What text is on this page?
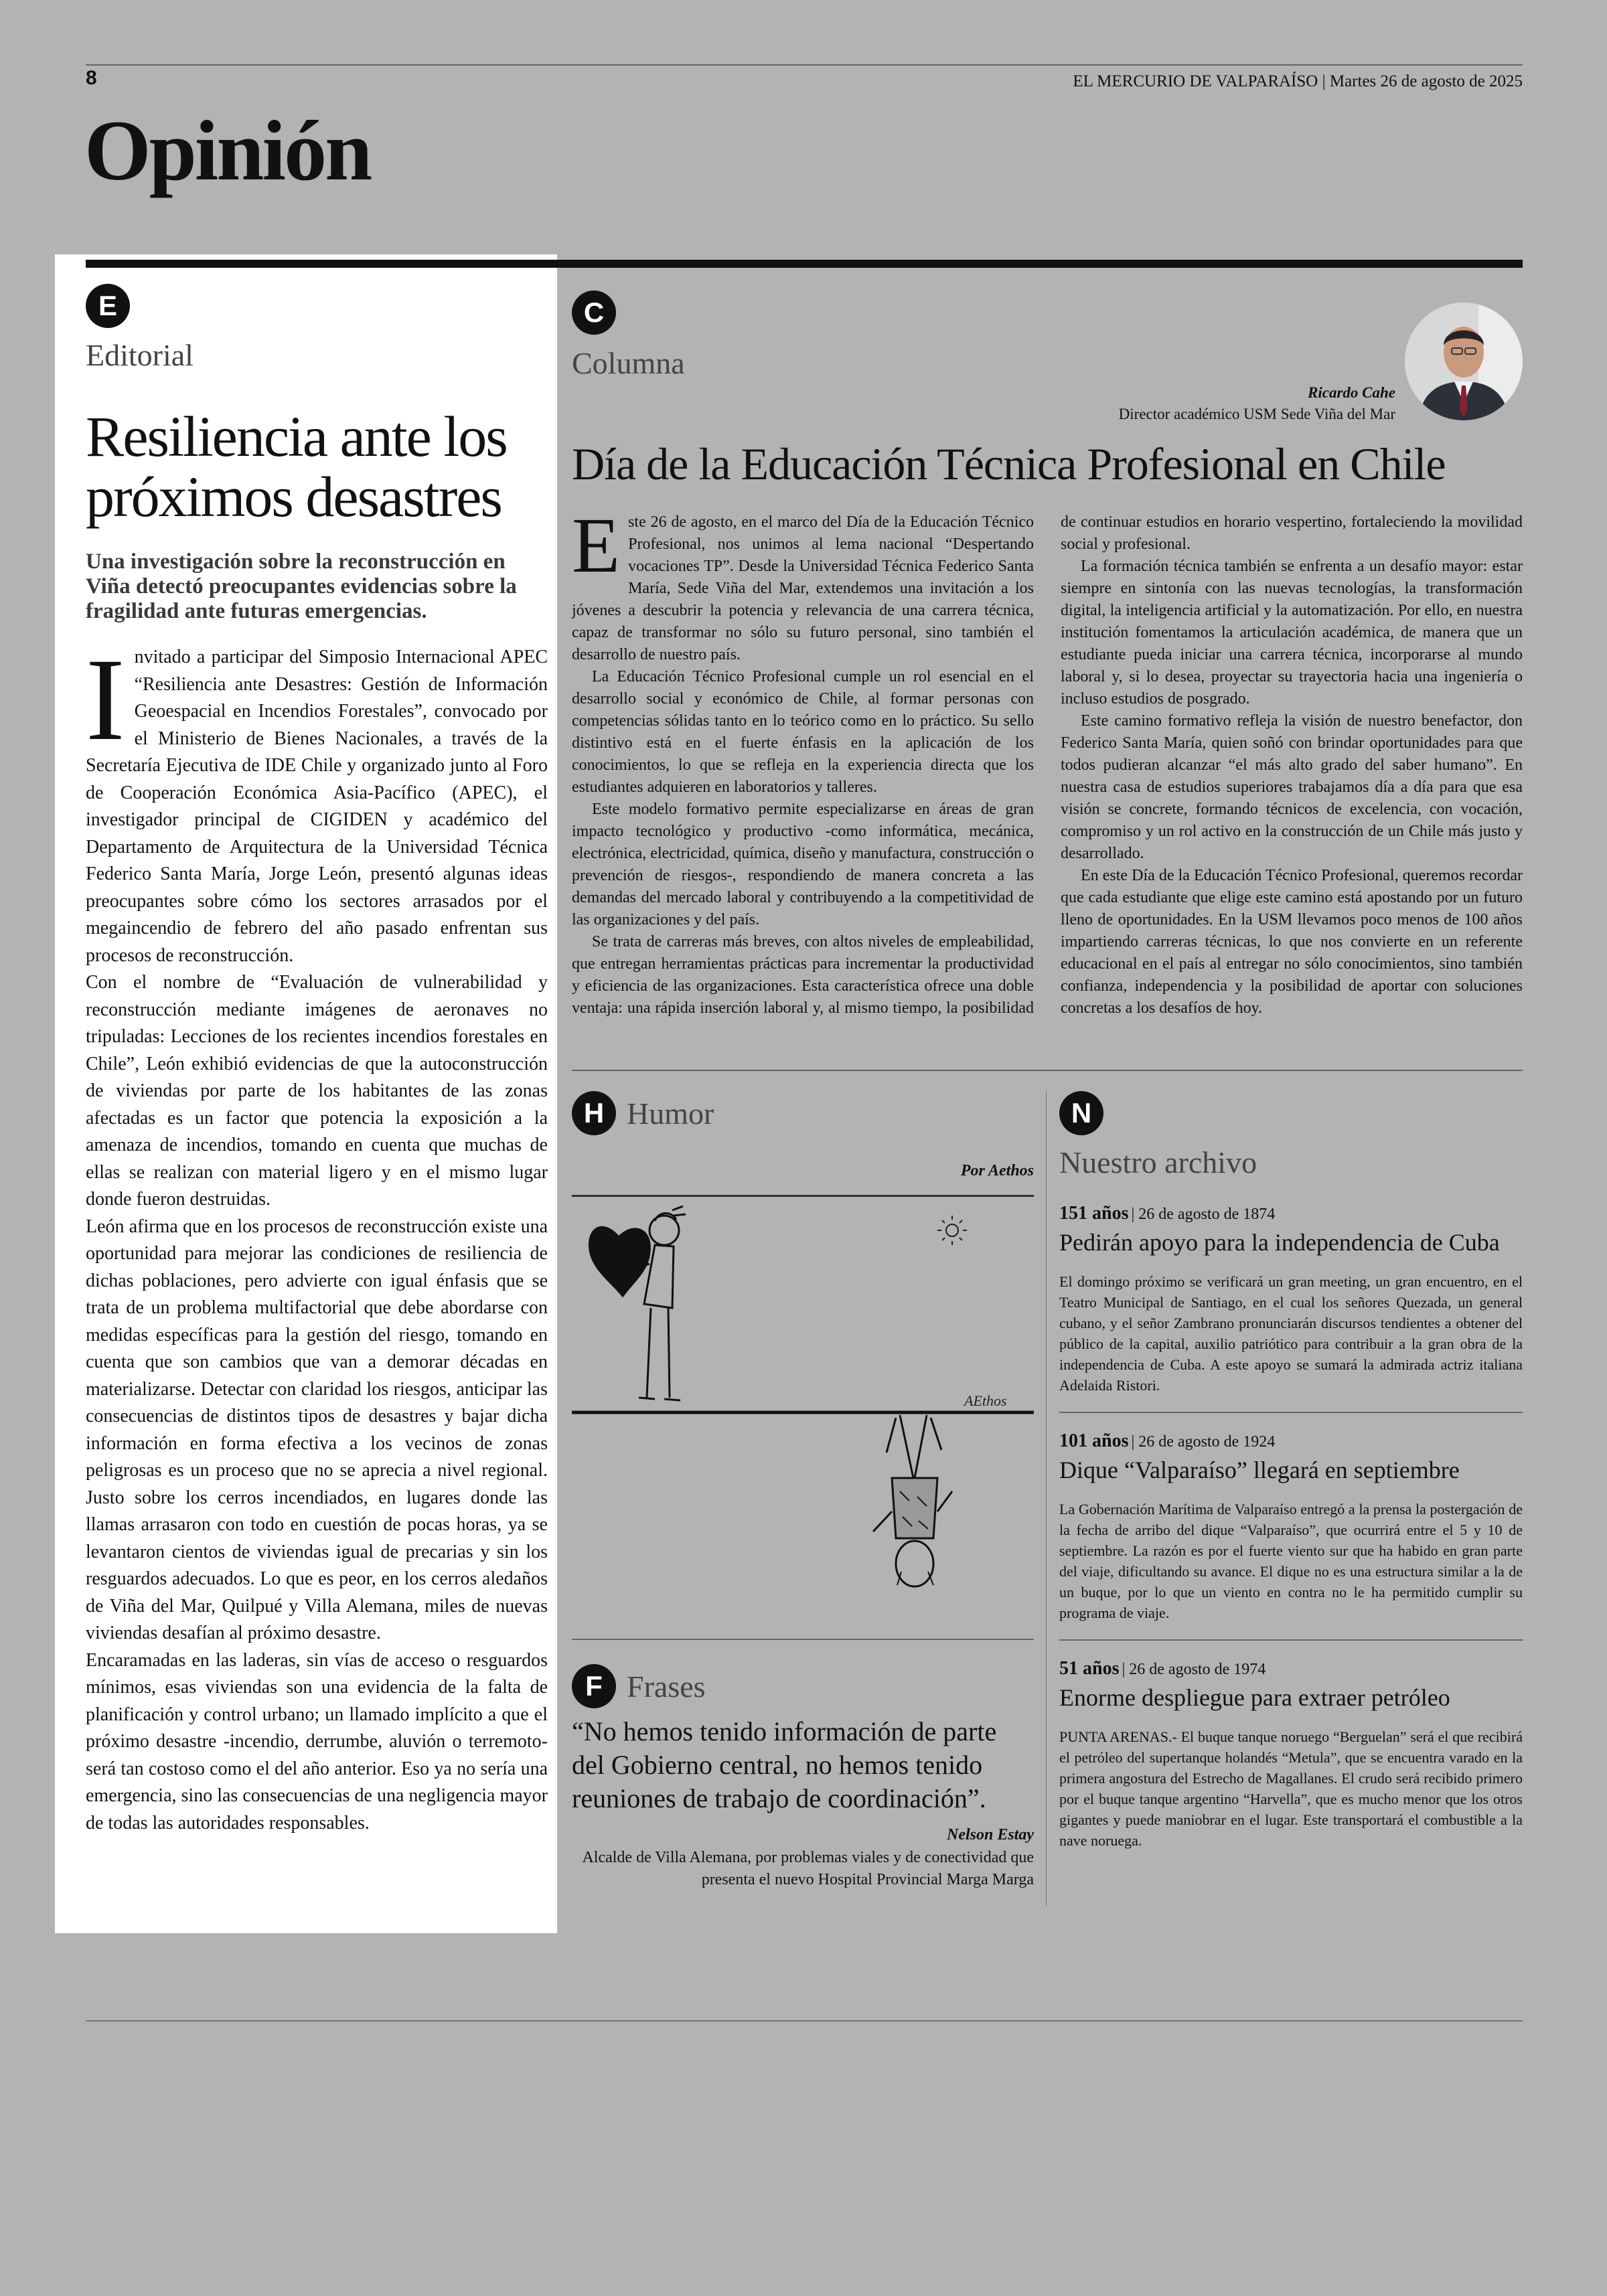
8	EL MERCURIO DE VALPARAÍSO | Martes 26 de agosto de 2025
Opinión
E
Editorial
Resiliencia ante los
próximos desastres
Una investigación sobre la reconstrucción en Viña detectó preocupantes evidencias sobre la fragilidad ante futuras emergencias.

Invitado a participar del Simposio Internacional APEC “Resiliencia ante Desastres: Gestión de Información Geoespacial en Incendios Forestales”, convocado por el Ministerio de Bienes Nacionales, a través de la Secretaría Ejecutiva de IDE Chile y organizado junto al Foro de Cooperación Económica Asia-Pacífico (APEC), el investigador principal de CIGIDEN y académico del Departamento de Arquitectura de la Universidad Técnica Federico Santa María, Jorge León, presentó algunas ideas preocupantes sobre cómo los sectores arrasados por el megaincendio de febrero del año pasado enfrentan sus procesos de reconstrucción.

Con el nombre de “Evaluación de vulnerabilidad y reconstrucción mediante imágenes de aeronaves no tripuladas: Lecciones de los recientes incendios forestales en Chile”, León exhibió evidencias de que la autoconstrucción de viviendas por parte de los habitantes de las zonas afectadas es un factor que potencia la exposición a la amenaza de incendios, tomando en cuenta que muchas de ellas se realizan con material ligero y en el mismo lugar donde fueron destruidas.

León afirma que en los procesos de reconstrucción existe una oportunidad para mejorar las condiciones de resiliencia de dichas poblaciones, pero advierte con igual énfasis que se trata de un problema multifactorial que debe abordarse con medidas específicas para la gestión del riesgo, tomando en cuenta que son cambios que van a demorar décadas en materializarse. Detectar con claridad los riesgos, anticipar las consecuencias de distintos tipos de desastres y bajar dicha información en forma efectiva a los vecinos de zonas peligrosas es un proceso que no se aprecia a nivel regional. Justo sobre los cerros incendiados, en lugares donde las llamas arrasaron con todo en cuestión de pocas horas, ya se levantaron cientos de viviendas igual de precarias y sin los resguardos adecuados. Lo que es peor, en los cerros aledaños de Viña del Mar, Quilpué y Villa Alemana, miles de nuevas viviendas desafían al próximo desastre.

Encaramadas en las laderas, sin vías de acceso o resguardos mínimos, esas viviendas son una evidencia de la falta de planificación y control urbano; un llamado implícito a que el próximo desastre -incendio, derrumbe, aluvión o terremoto- será tan costoso como el del año anterior. Eso ya no sería una emergencia, sino las consecuencias de una negligencia mayor de todas las autoridades responsables.

C
Columna
Ricardo Cahe
Director académico USM Sede Viña del Mar
Día de la Educación Técnica Profesional en Chile

Este 26 de agosto, en el marco del Día de la Educación Técnico Profesional, nos unimos al lema nacional “Despertando vocaciones TP”. Desde la Universidad Técnica Federico Santa María, Sede Viña del Mar, extendemos una invitación a los jóvenes a descubrir la potencia y relevancia de una carrera técnica, capaz de transformar no sólo su futuro personal, sino también el desarrollo de nuestro país.

La Educación Técnico Profesional cumple un rol esencial en el desarrollo social y económico de Chile, al formar personas con competencias sólidas tanto en lo teórico como en lo práctico. Su sello distintivo está en el fuerte énfasis en la aplicación de los conocimientos, lo que se refleja en la experiencia directa que los estudiantes adquieren en laboratorios y talleres.

Este modelo formativo permite especializarse en áreas de gran impacto tecnológico y productivo -como informática, mecánica, electrónica, electricidad, química, diseño y manufactura, construcción o prevención de riesgos-, respondiendo de manera concreta a las demandas del mercado laboral y contribuyendo a la competitividad de las organizaciones y del país.

Se trata de carreras más breves, con altos niveles de empleabilidad, que entregan herramientas prácticas para incrementar la productividad y eficiencia de las organizaciones. Esta característica ofrece una doble ventaja: una rápida inserción laboral y, al mismo tiempo, la posibilidad de continuar estudios en horario vespertino, fortaleciendo la movilidad social y profesional.

La formación técnica también se enfrenta a un desafío mayor: estar siempre en sintonía con las nuevas tecnologías, la transformación digital, la inteligencia artificial y la automatización. Por ello, en nuestra institución fomentamos la articulación académica, de manera que un estudiante pueda iniciar una carrera técnica, incorporarse al mundo laboral y, si lo desea, proyectar su trayectoria hacia una ingeniería o incluso estudios de posgrado.

Este camino formativo refleja la visión de nuestro benefactor, don Federico Santa María, quien soñó con brindar oportunidades para que todos pudieran alcanzar “el más alto grado del saber humano”. En nuestra casa de estudios superiores trabajamos día a día para que esa visión se concrete, formando técnicos de excelencia, con vocación, compromiso y un rol activo en la construcción de un Chile más justo y desarrollado.

En este Día de la Educación Técnico Profesional, queremos recordar que cada estudiante que elige este camino está apostando por un futuro lleno de oportunidades. En la USM llevamos poco menos de 100 años impartiendo carreras técnicas, lo que nos convierte en un referente educacional en el país al entregar no sólo conocimientos, sino también confianza, independencia y la posibilidad de aportar con soluciones concretas a los desafíos de hoy.

H Humor
Por Aethos
AEthos
F Frases
“No hemos tenido información de parte del Gobierno central, no hemos tenido reuniones de trabajo de coordinación”.
Nelson Estay
Alcalde de Villa Alemana, por problemas viales y de conectividad que presenta el nuevo Hospital Provincial Marga Marga
N
Nuestro archivo
151 años | 26 de agosto de 1874
Pedirán apoyo para la independencia de Cuba
El domingo próximo se verificará un gran meeting, un gran encuentro, en el Teatro Municipal de Santiago, en el cual los señores Quezada, un general cubano, y el señor Zambrano pronunciarán discursos tendientes a obtener del público de la capital, auxilio patriótico para contribuir a la gran obra de la independencia de Cuba. A este apoyo se sumará la admirada actriz italiana Adelaida Ristori.
101 años | 26 de agosto de 1924
Dique “Valparaíso” llegará en septiembre
La Gobernación Marítima de Valparaíso entregó a la prensa la postergación de la fecha de arribo del dique “Valparaíso”, que ocurrirá entre el 5 y 10 de septiembre. La razón es por el fuerte viento sur que ha habido en gran parte del viaje, dificultando su avance. El dique no es una estructura similar a la de un buque, por lo que un viento en contra no le ha permitido cumplir su programa de viaje.
51 años | 26 de agosto de 1974
Enorme despliegue para extraer petróleo
PUNTA ARENAS.- El buque tanque noruego “Berguelan” será el que recibirá el petróleo del supertanque holandés “Metula”, que se encuentra varado en la primera angostura del Estrecho de Magallanes. El crudo será recibido primero por el buque tanque argentino “Harvella”, que es mucho menor que los otros gigantes y puede maniobrar en el lugar. Este transportará el combustible a la nave noruega.
